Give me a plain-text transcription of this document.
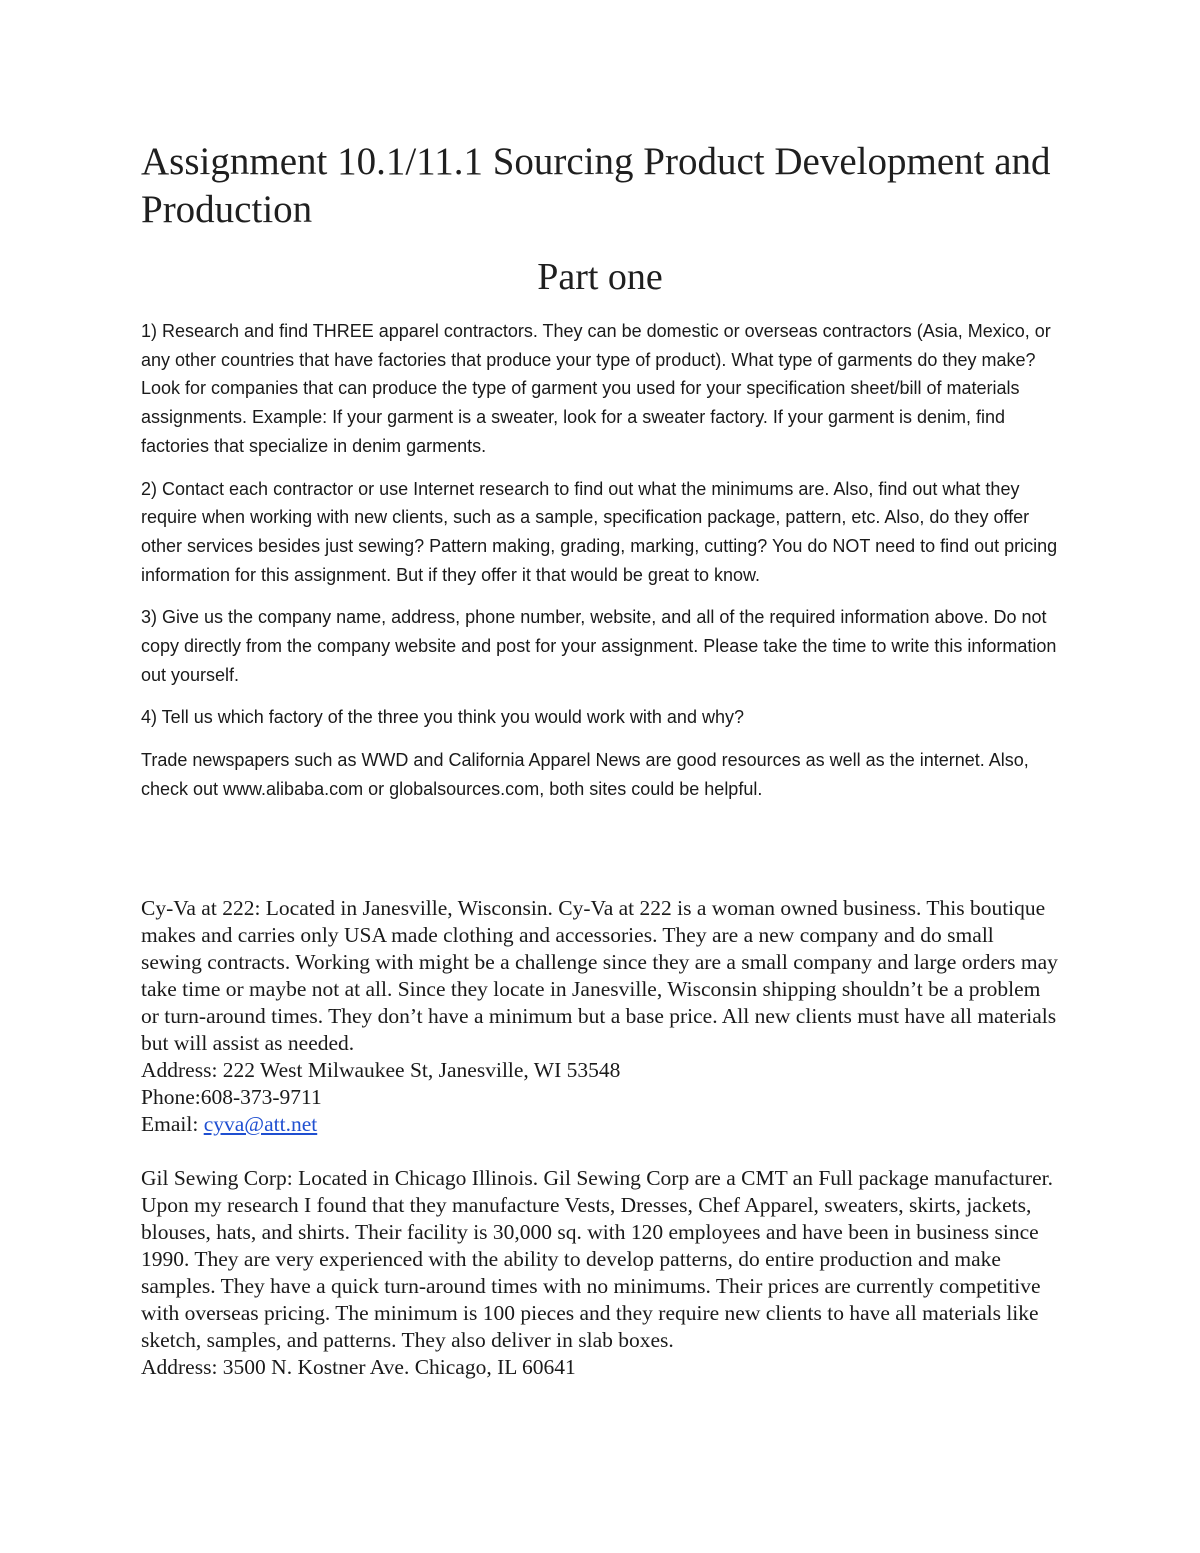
Assignment 10.1/11.1 Sourcing Product Development and Production
Part one

1) Research and find THREE apparel contractors. They can be domestic or overseas contractors (Asia, Mexico, or any other countries that have factories that produce your type of product). What type of garments do they make? Look for companies that can produce the type of garment you used for your specification sheet/bill of materials assignments. Example: If your garment is a sweater, look for a sweater factory. If your garment is denim, find factories that specialize in denim garments.

2) Contact each contractor or use Internet research to find out what the minimums are. Also, find out what they require when working with new clients, such as a sample, specification package, pattern, etc. Also, do they offer other services besides just sewing? Pattern making, grading, marking, cutting? You do NOT need to find out pricing information for this assignment. But if they offer it that would be great to know.

3) Give us the company name, address, phone number, website, and all of the required information above. Do not copy directly from the company website and post for your assignment. Please take the time to write this information out yourself.

4) Tell us which factory of the three you think you would work with and why?

Trade newspapers such as WWD and California Apparel News are good resources as well as the internet. Also, check out www.alibaba.com or globalsources.com, both sites could be helpful.

Cy-Va at 222: Located in Janesville, Wisconsin. Cy-Va at 222 is a woman owned business. This boutique makes and carries only USA made clothing and accessories. They are a new company and do small sewing contracts. Working with might be a challenge since they are a small company and large orders may take time or maybe not at all. Since they locate in Janesville, Wisconsin shipping shouldn’t be a problem or turn-around times. They don’t have a minimum but a base price. All new clients must have all materials but will assist as needed.
Address: 222 West Milwaukee St, Janesville, WI 53548
Phone:608-373-9711
Email: cyva@att.net
Gil Sewing Corp: Located in Chicago Illinois. Gil Sewing Corp are a CMT an Full package manufacturer. Upon my research I found that they manufacture Vests, Dresses, Chef Apparel, sweaters, skirts, jackets, blouses, hats, and shirts. Their facility is 30,000 sq. with 120 employees and have been in business since 1990. They are very experienced with the ability to develop patterns, do entire production and make samples. They have a quick turn-around times with no minimums. Their prices are currently competitive with overseas pricing. The minimum is 100 pieces and they require new clients to have all materials like sketch, samples, and patterns. They also deliver in slab boxes.
Address: 3500 N. Kostner Ave. Chicago, IL 60641
